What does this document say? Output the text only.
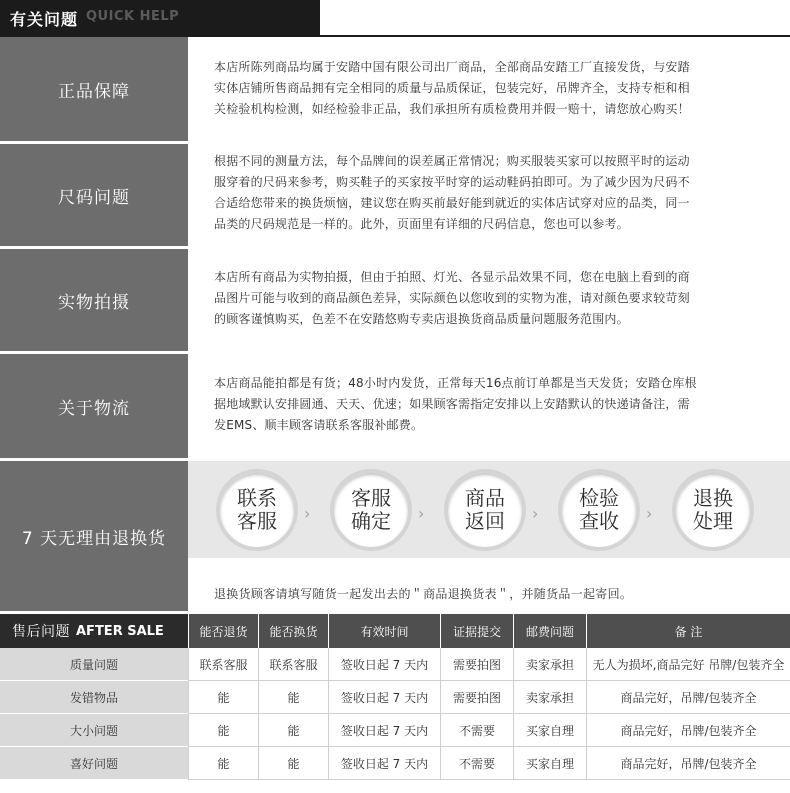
有关问题 QUICK HELP
正品保障
本店所陈列商品均属于安踏中国有限公司出厂商品，全部商品安踏工厂直接发货，与安踏
实体店铺所售商品拥有完全相同的质量与品质保证，包装完好，吊牌齐全，支持专柜和相
关检验机构检测，如经检验非正品，我们承担所有质检费用并假一赔十，请您放心购买！
尺码问题
根据不同的测量方法，每个品牌间的误差属正常情况；购买服装买家可以按照平时的运动
服穿着的尺码来参考，购买鞋子的买家按平时穿的运动鞋码拍即可。为了减少因为尺码不
合适给您带来的换货烦恼，建议您在购买前最好能到就近的实体店试穿对应的品类，同一
品类的尺码规范是一样的。此外，页面里有详细的尺码信息，您也可以参考。
实物拍摄
本店所有商品为实物拍摄，但由于拍照、灯光、各显示品效果不同，您在电脑上看到的商
品图片可能与收到的商品颜色差异，实际颜色以您收到的实物为准，请对颜色要求较苛刻
的顾客谨慎购买，色差不在安踏悠购专卖店退换货商品质量问题服务范围内。
关于物流
本店商品能拍都是有货；48小时内发货，正常每天16点前订单都是当天发货；安踏仓库根
据地域默认安排圆通、天天、优速；如果顾客需指定安排以上安踏默认的快递请备注，需
发EMS、顺丰顾客请联系客服补邮费。
7 天无理由退换货
联系客服 ›
客服确定 ›
商品返回 ›
检验查收 ›
退换处理
退换货顾客请填写随货一起发出去的＂商品退换货表＂，并随货品一起寄回。
售后问题 AFTER SALE	能否退货	能否换货	有效时间	证据提交	邮费问题	备 注
质量问题	联系客服	联系客服	签收日起 7 天内	需要拍图	卖家承担	无人为损坏,商品完好 吊牌/包装齐全
发错物品	能	能	签收日起 7 天内	需要拍图	卖家承担	商品完好，吊牌/包装齐全
大小问题	能	能	签收日起 7 天内	不需要	买家自理	商品完好，吊牌/包装齐全
喜好问题	能	能	签收日起 7 天内	不需要	买家自理	商品完好，吊牌/包装齐全
